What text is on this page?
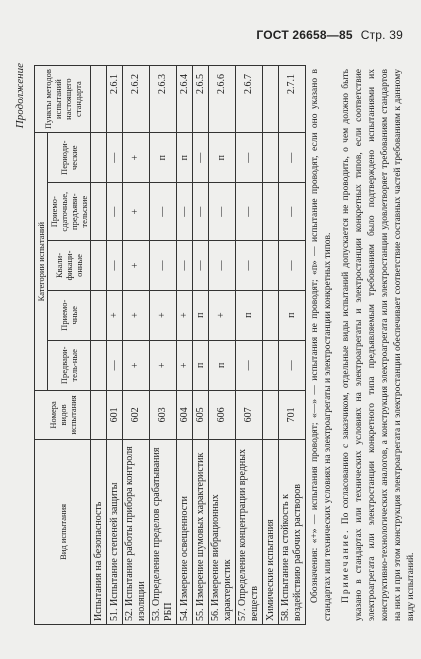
ГОСТ 26658—85 Стр. 39
Продолжение
Вид испытания	Номера видов испытания	Категории испытаний					Пункты методов испытаний настоящего стандарта
		Предвари-тель-ные	Приемо-чные	Квали-фикаци-онные	Приемо-сдаточные, предъяви-тельские	Периоди-ческие	
Испытания на безопасность							
51. Испытание степеней защиты	601	—	+	—	—	—	2.6.1
52. Испытание работы прибора контроля изоляции	602	+	+	+	+	+	2.6.2
53. Определение пределов срабатывания РБП	603	+	+	—	—	п	2.6.3
54. Измерение освещенности	604	+	+	—	—	п	2.6.4
55. Измерение шумовых характеристик	605	п	п	—	—	—	2.6.5
56. Измерение вибрационных характеристик	606	п	+	—	—	п	2.6.6
57. Определение концентрации вредных веществ	607	—	п	—	—	—	2.6.7
Химические испытания							
58. Испытание на стойкость к воздействию рабочих растворов	701	—	п	—	—	—	2.7.1 Обозначения: «+» — испытания проводят; «—» — испытания не проводят; «п» — испытание проводят, если оно указано в стандартах или технических условиях на электроагрегаты и электростанции конкретных типов. Примечание. По согласованию с заказчиком, отдельные виды испытаний допускается не проводить, о чем должно быть указано в стандартах или технических условиях на электроагрегаты и электростанции конкретных типов, если соответствие электроагрегата или электростанции конкретного типа предъявляемым требованиям было подтверждено испытаниями их конструктивно-технологических аналогов, а конструкция электроагрегата или электростанции удовлетворяет требованиям стандартов на них и при этом конструкция электроагрегата и электростанции обеспечивает соответствие составных частей требованиям к данному виду испытаний.
